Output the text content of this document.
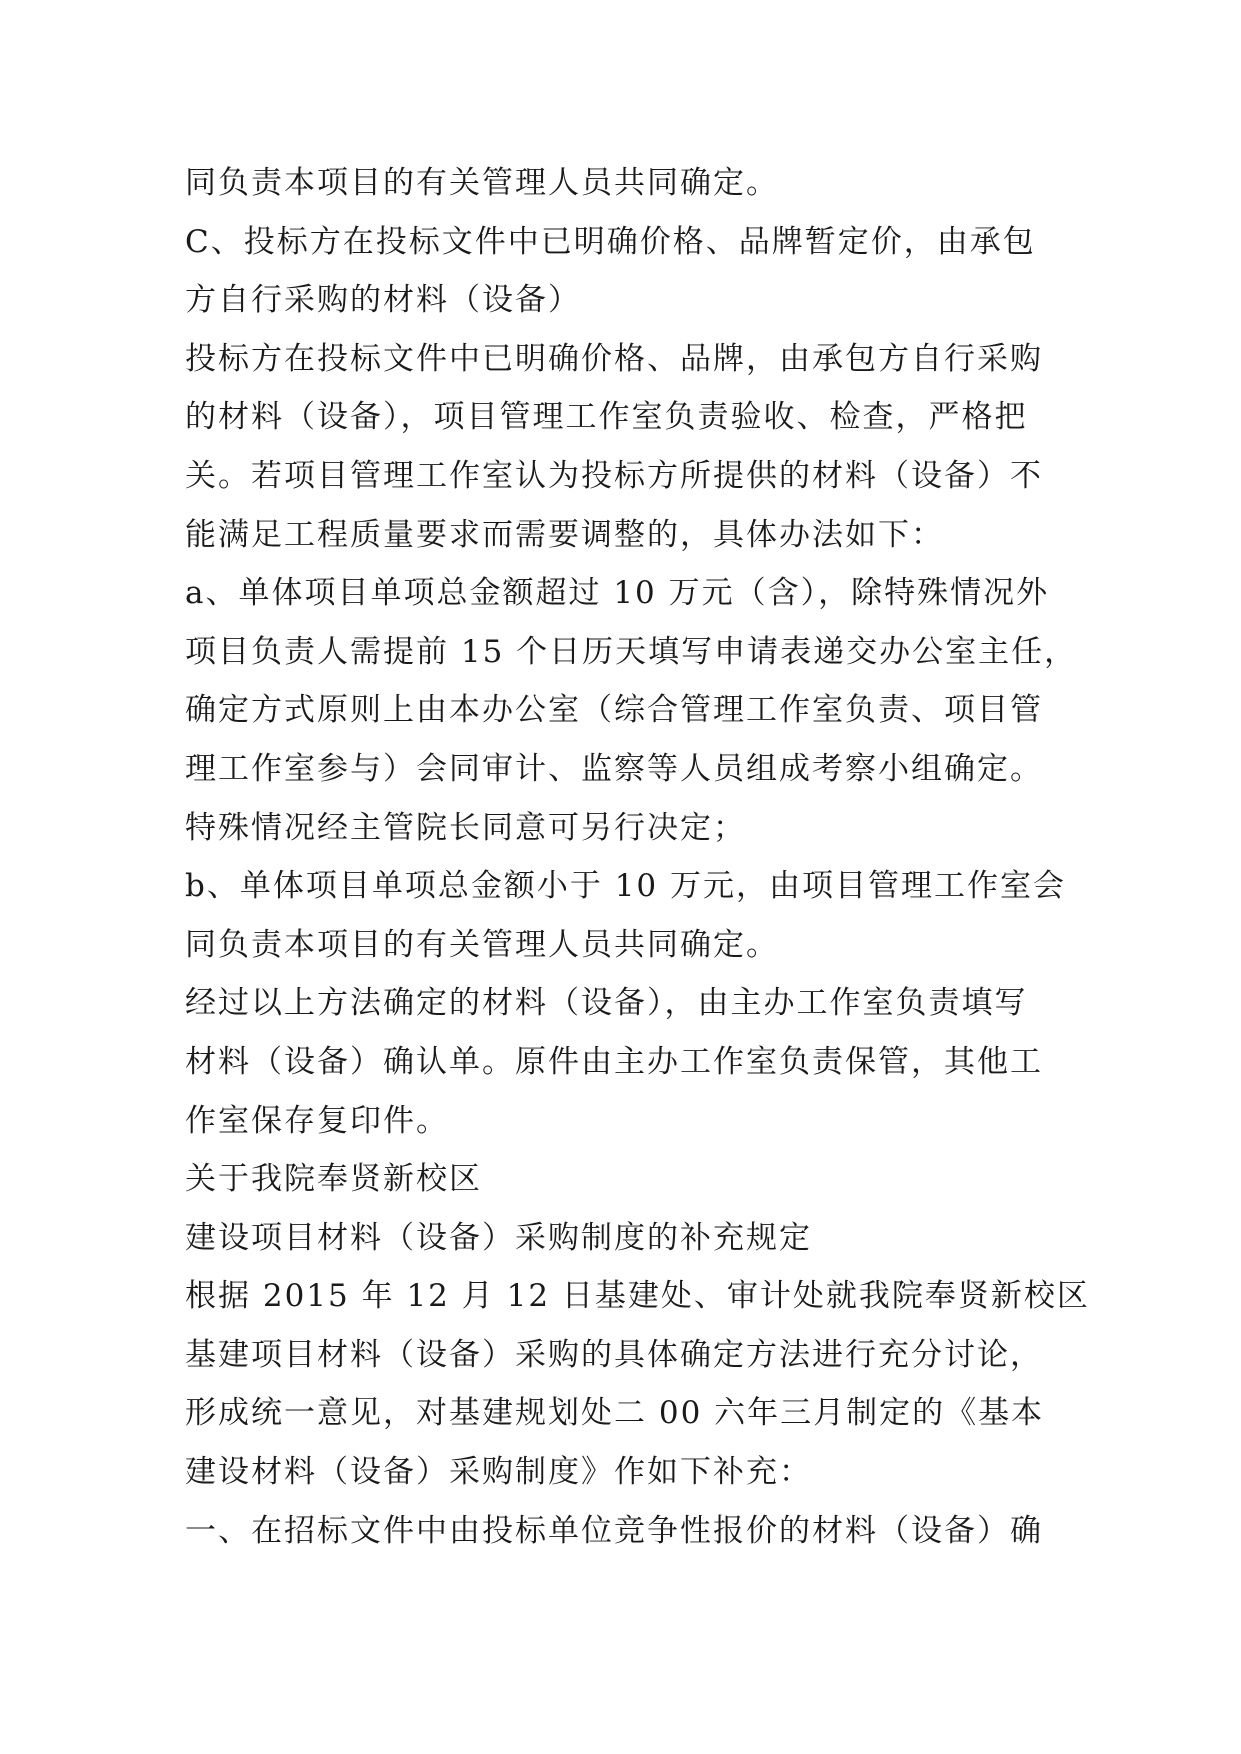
同负责本项目的有关管理人员共同确定。
C、投标方在投标文件中已明确价格、品牌暂定价，由承包
方自行采购的材料（设备）
投标方在投标文件中已明确价格、品牌，由承包方自行采购
的材料（设备），项目管理工作室负责验收、检查，严格把
关。若项目管理工作室认为投标方所提供的材料（设备）不
能满足工程质量要求而需要调整的，具体办法如下：
a、单体项目单项总金额超过 10 万元（含），除特殊情况外
项目负责人需提前 15 个日历天填写申请表递交办公室主任，
确定方式原则上由本办公室（综合管理工作室负责、项目管
理工作室参与）会同审计、监察等人员组成考察小组确定。
特殊情况经主管院长同意可另行决定；
b、单体项目单项总金额小于 10 万元，由项目管理工作室会
同负责本项目的有关管理人员共同确定。
经过以上方法确定的材料（设备），由主办工作室负责填写
材料（设备）确认单。原件由主办工作室负责保管，其他工
作室保存复印件。
关于我院奉贤新校区
建设项目材料（设备）采购制度的补充规定
根据 2015 年 12 月 12 日基建处、审计处就我院奉贤新校区
基建项目材料（设备）采购的具体确定方法进行充分讨论，
形成统一意见，对基建规划处二 00 六年三月制定的《基本
建设材料（设备）采购制度》作如下补充：
一、在招标文件中由投标单位竞争性报价的材料（设备）确
